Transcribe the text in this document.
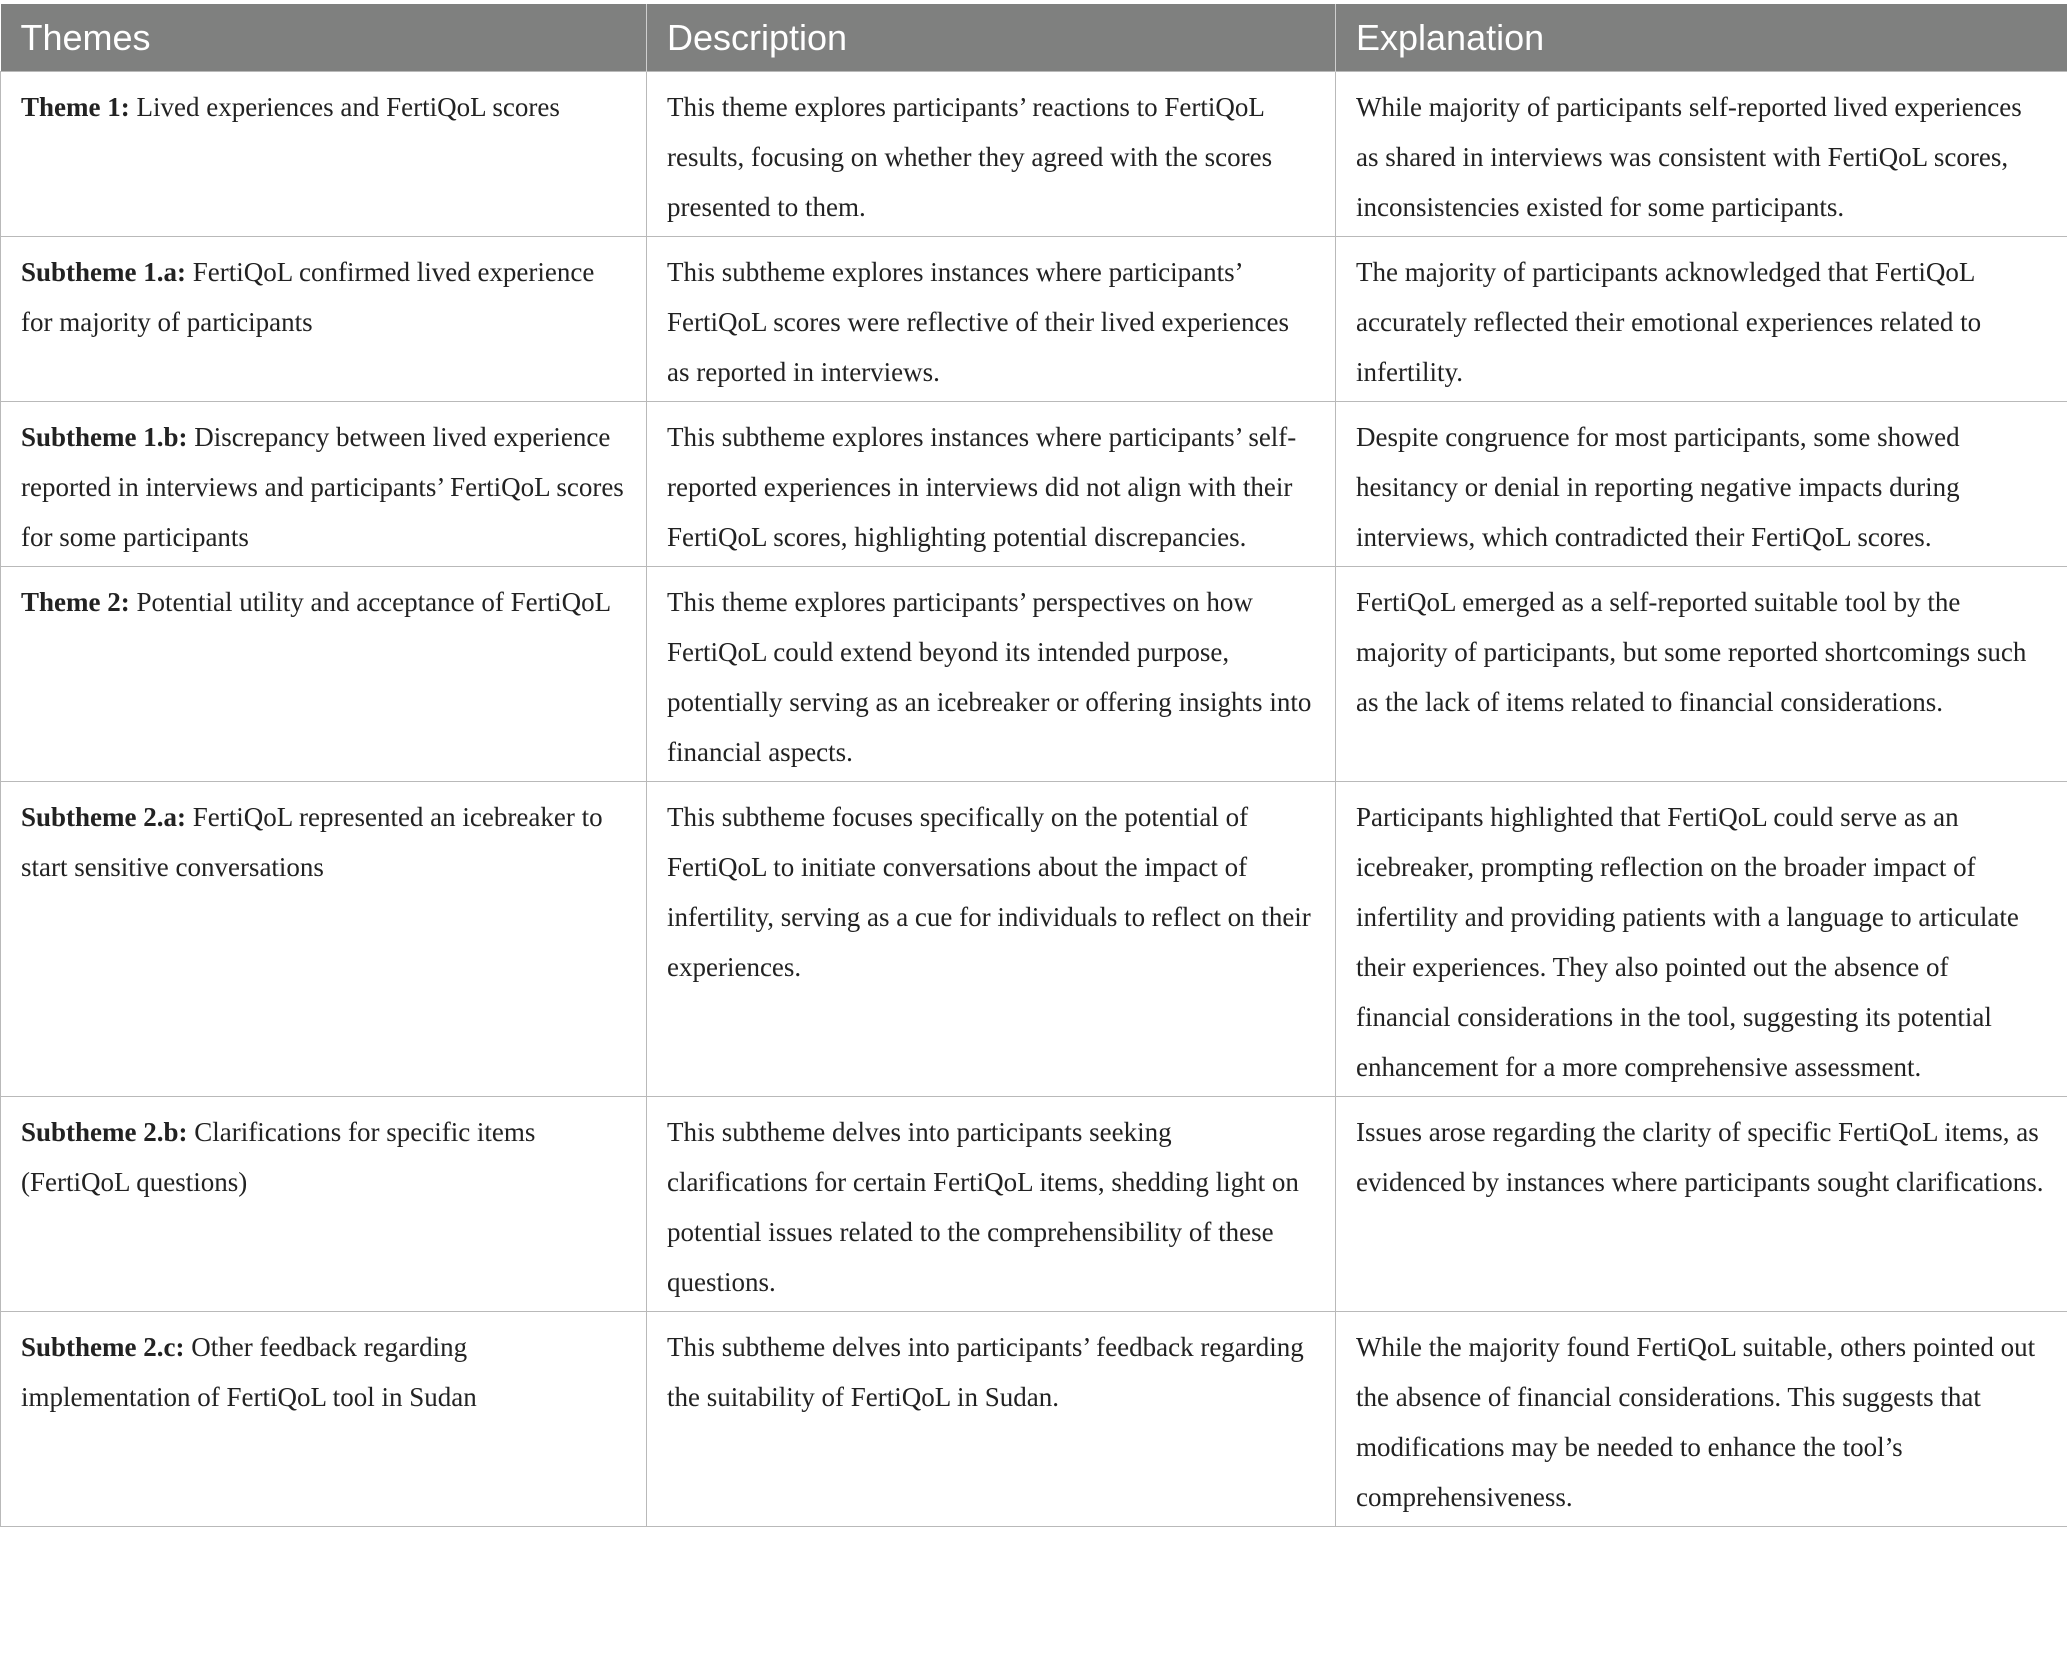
Themes	Description	Explanation
Theme 1: Lived experiences and FertiQoL scores	This theme explores participants’ reactions to FertiQoL results, focusing on whether they agreed with the scores presented to them.	While majority of participants self-reported lived experiences as shared in interviews was consistent with FertiQoL scores, inconsistencies existed for some participants.
Subtheme 1.a: FertiQoL confirmed lived experience for majority of participants	This subtheme explores instances where participants’ FertiQoL scores were reflective of their lived experiences as reported in interviews.	The majority of participants acknowledged that FertiQoL accurately reflected their emotional experiences related to infertility.
Subtheme 1.b: Discrepancy between lived experience reported in interviews and participants’ FertiQoL scores for some participants	This subtheme explores instances where participants’ self-reported experiences in interviews did not align with their FertiQoL scores, highlighting potential discrepancies.	Despite congruence for most participants, some showed hesitancy or denial in reporting negative impacts during interviews, which contradicted their FertiQoL scores.
Theme 2: Potential utility and acceptance of FertiQoL	This theme explores participants’ perspectives on how FertiQoL could extend beyond its intended purpose, potentially serving as an icebreaker or offering insights into financial aspects.	FertiQoL emerged as a self-reported suitable tool by the majority of participants, but some reported shortcomings such as the lack of items related to financial considerations.
Subtheme 2.a: FertiQoL represented an icebreaker to start sensitive conversations	This subtheme focuses specifically on the potential of FertiQoL to initiate conversations about the impact of infertility, serving as a cue for individuals to reflect on their experiences.	Participants highlighted that FertiQoL could serve as an icebreaker, prompting reflection on the broader impact of infertility and providing patients with a language to articulate their experiences. They also pointed out the absence of financial considerations in the tool, suggesting its potential enhancement for a more comprehensive assessment.
Subtheme 2.b: Clarifications for specific items (FertiQoL questions)	This subtheme delves into participants seeking clarifications for certain FertiQoL items, shedding light on potential issues related to the comprehensibility of these questions.	Issues arose regarding the clarity of specific FertiQoL items, as evidenced by instances where participants sought clarifications.
Subtheme 2.c: Other feedback regarding implementation of FertiQoL tool in Sudan	This subtheme delves into participants’ feedback regarding the suitability of FertiQoL in Sudan.	While the majority found FertiQoL suitable, others pointed out the absence of financial considerations. This suggests that modifications may be needed to enhance the tool’s comprehensiveness.
